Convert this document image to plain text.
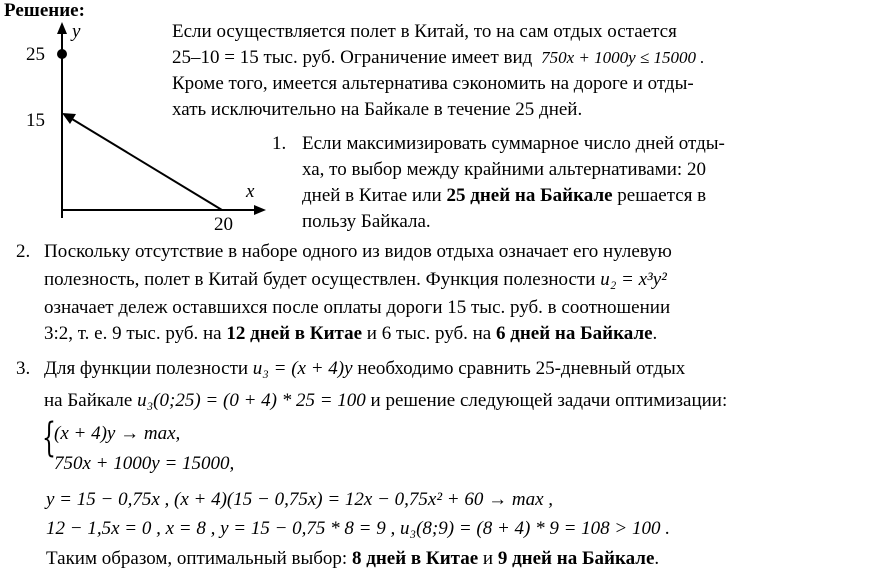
Решение:
y
x
25
15
20
Если осуществляется полет в Китай, то на сам отдых остается
25–10 = 15 тыс. руб. Ограничение имеет вид 750x + 1000y ≤ 15000 .
Кроме того, имеется альтернатива сэкономить на дороге и отды-
хать исключительно на Байкале в течение 25 дней.
1. Если максимизировать суммарное число дней отды-
ха, то выбор между крайними альтернативами: 20
дней в Китае или 25 дней на Байкале решается в
пользу Байкала.
2. Поскольку отсутствие в наборе одного из видов отдыха означает его нулевую
полезность, полет в Китай будет осуществлен. Функция полезности u₂ = x³y²
означает дележ оставшихся после оплаты дороги 15 тыс. руб. в соотношении
3:2, т. е. 9 тыс. руб. на 12 дней в Китае и 6 тыс. руб. на 6 дней на Байкале.
3. Для функции полезности u₃ = (x + 4)y необходимо сравнить 25-дневный отдых
на Байкале u₃(0;25) = (0 + 4) * 25 = 100 и решение следующей задачи оптимизации:
{
(x + 4)y → max,
750x + 1000y = 15000,
y = 15 − 0,75x , (x + 4)(15 − 0,75x) = 12x − 0,75x² + 60 → max ,
12 − 1,5x = 0 , x = 8 , y = 15 − 0,75 * 8 = 9 , u₃(8;9) = (8 + 4) * 9 = 108 > 100 .
Таким образом, оптимальный выбор: 8 дней в Китае и 9 дней на Байкале.
